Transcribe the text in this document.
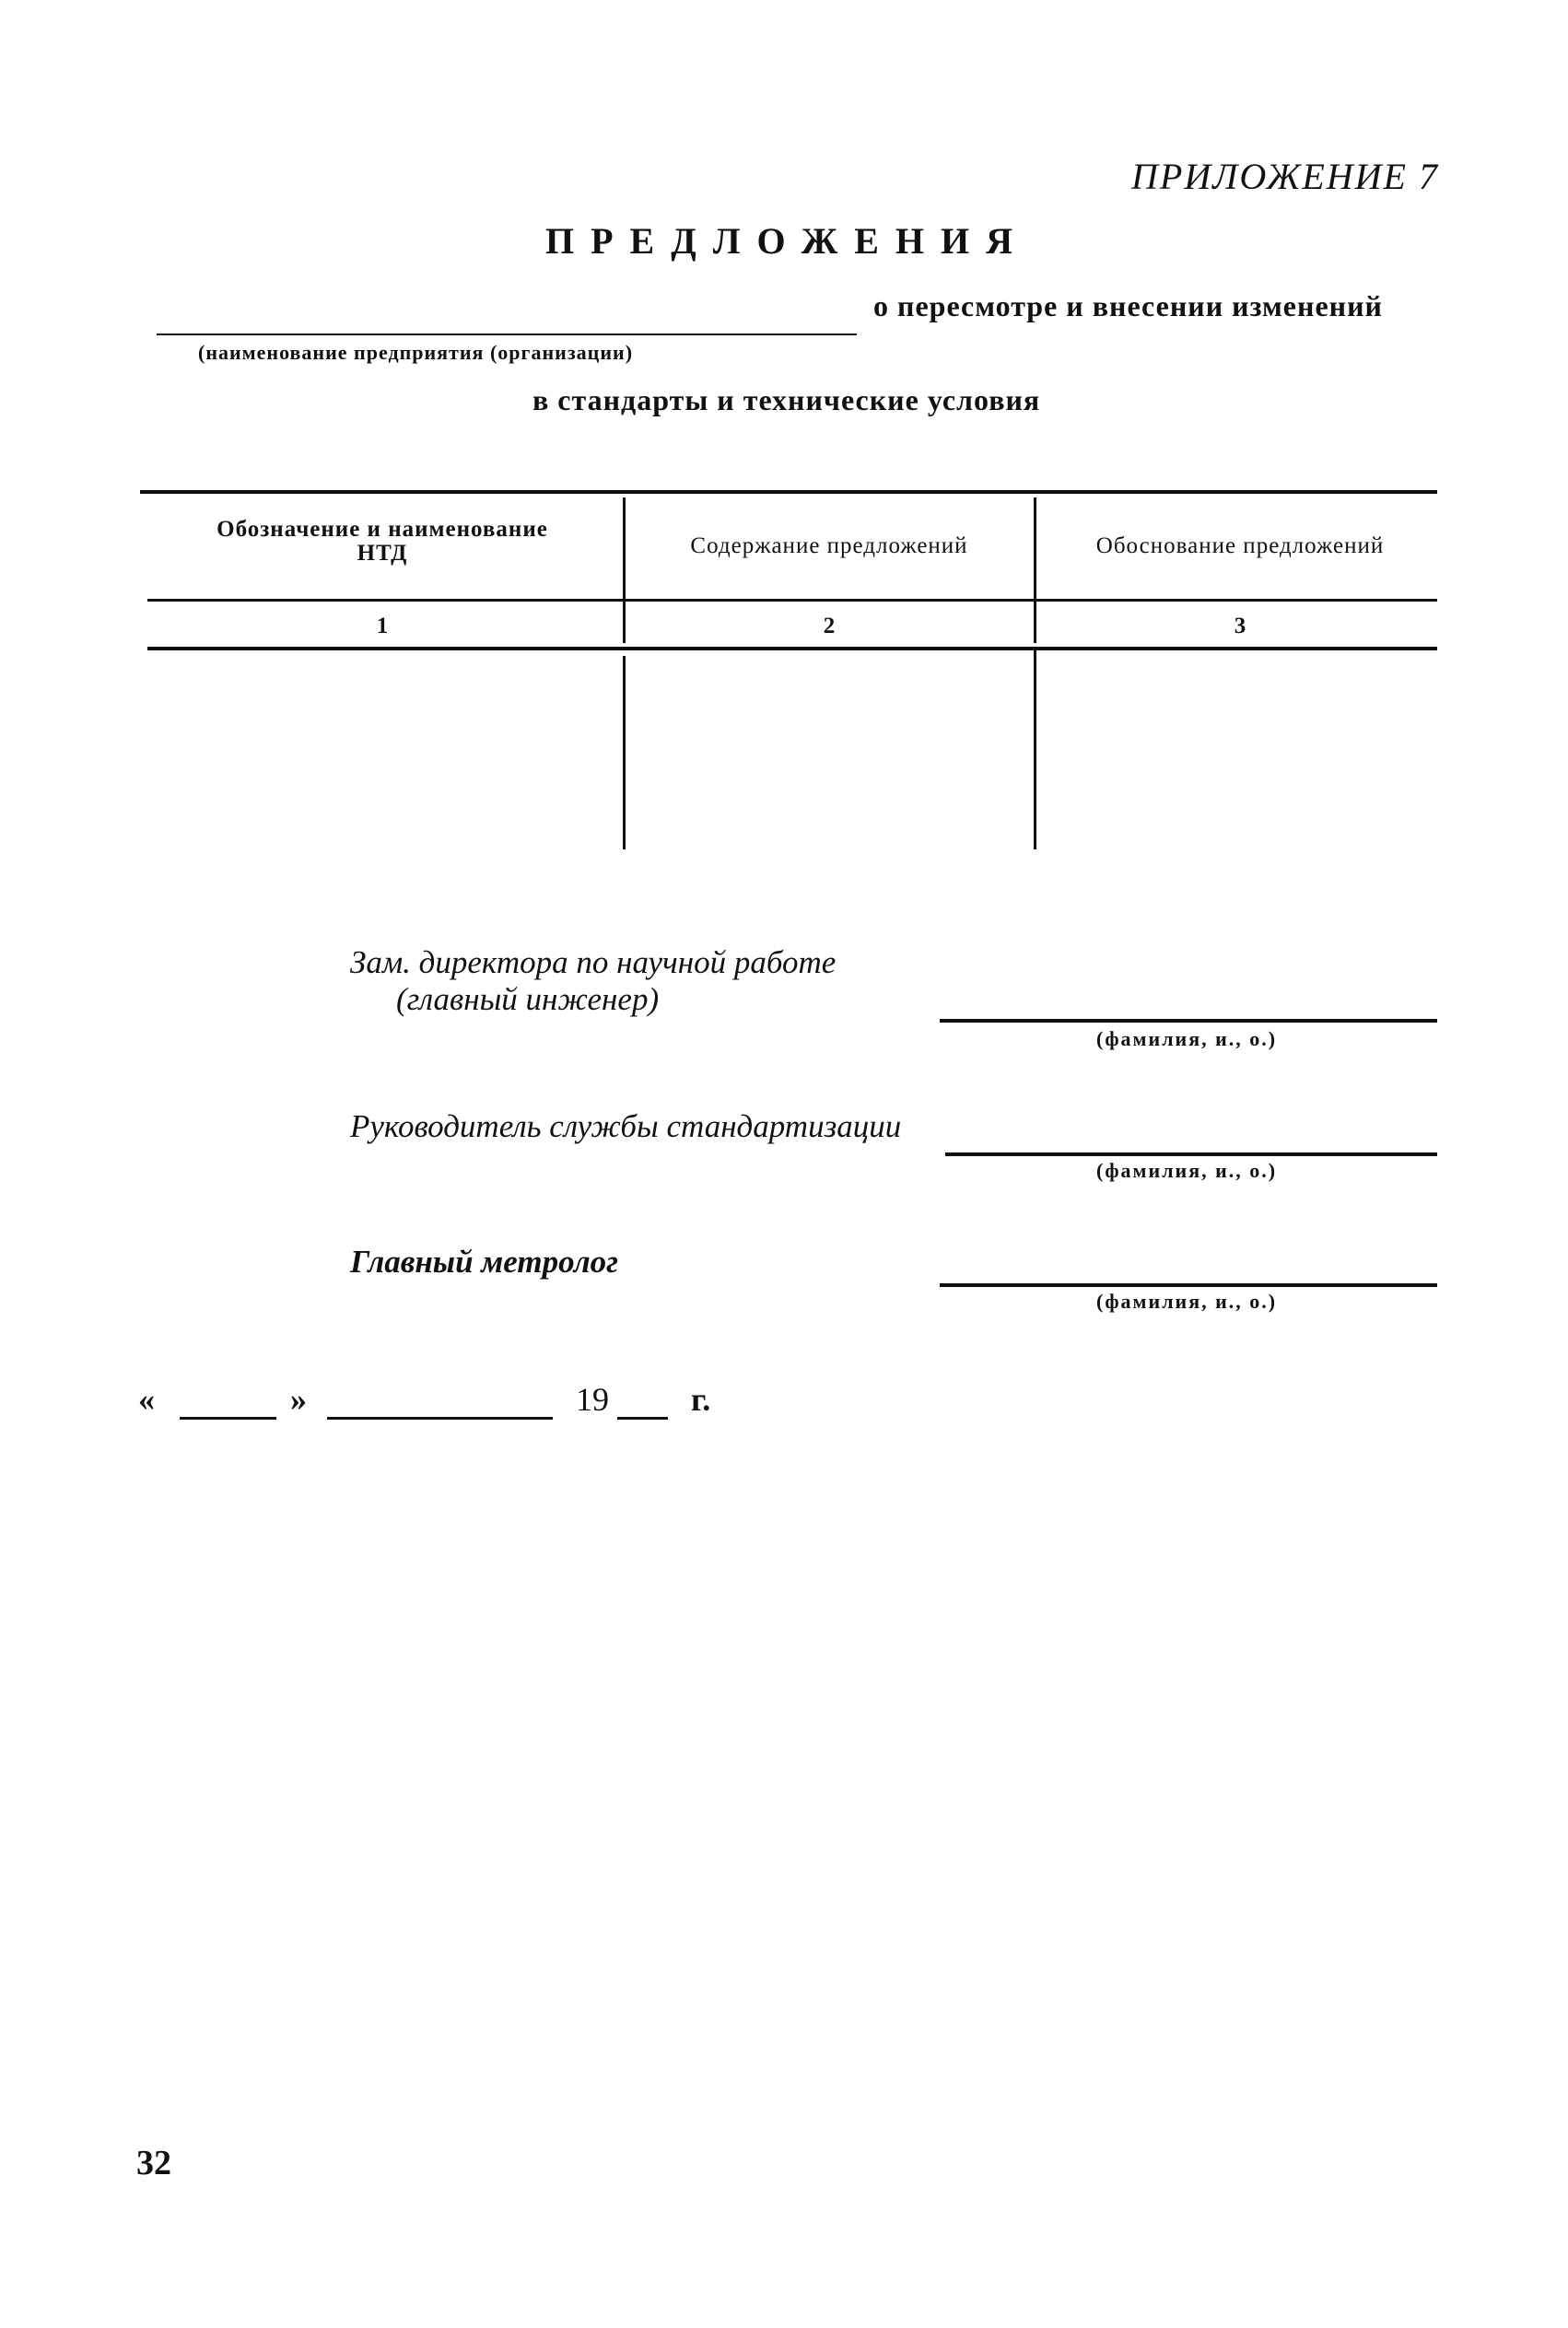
ПРИЛОЖЕНИЕ 7
ПРЕДЛОЖЕНИЯ
о пересмотре и внесении изменений
(наименование предприятия (организации)
в стандарты и технические условия
Обозначение и наименование
НТД	Содержание предложений	Обоснование предложений
1	2	3
Зам. директора по научной работе
(главный инженер)
(фамилия, и., о.)
Руководитель службы стандартизации
(фамилия, и., о.)
Главный метролог
(фамилия, и., о.)
«	»	19 г.
32
